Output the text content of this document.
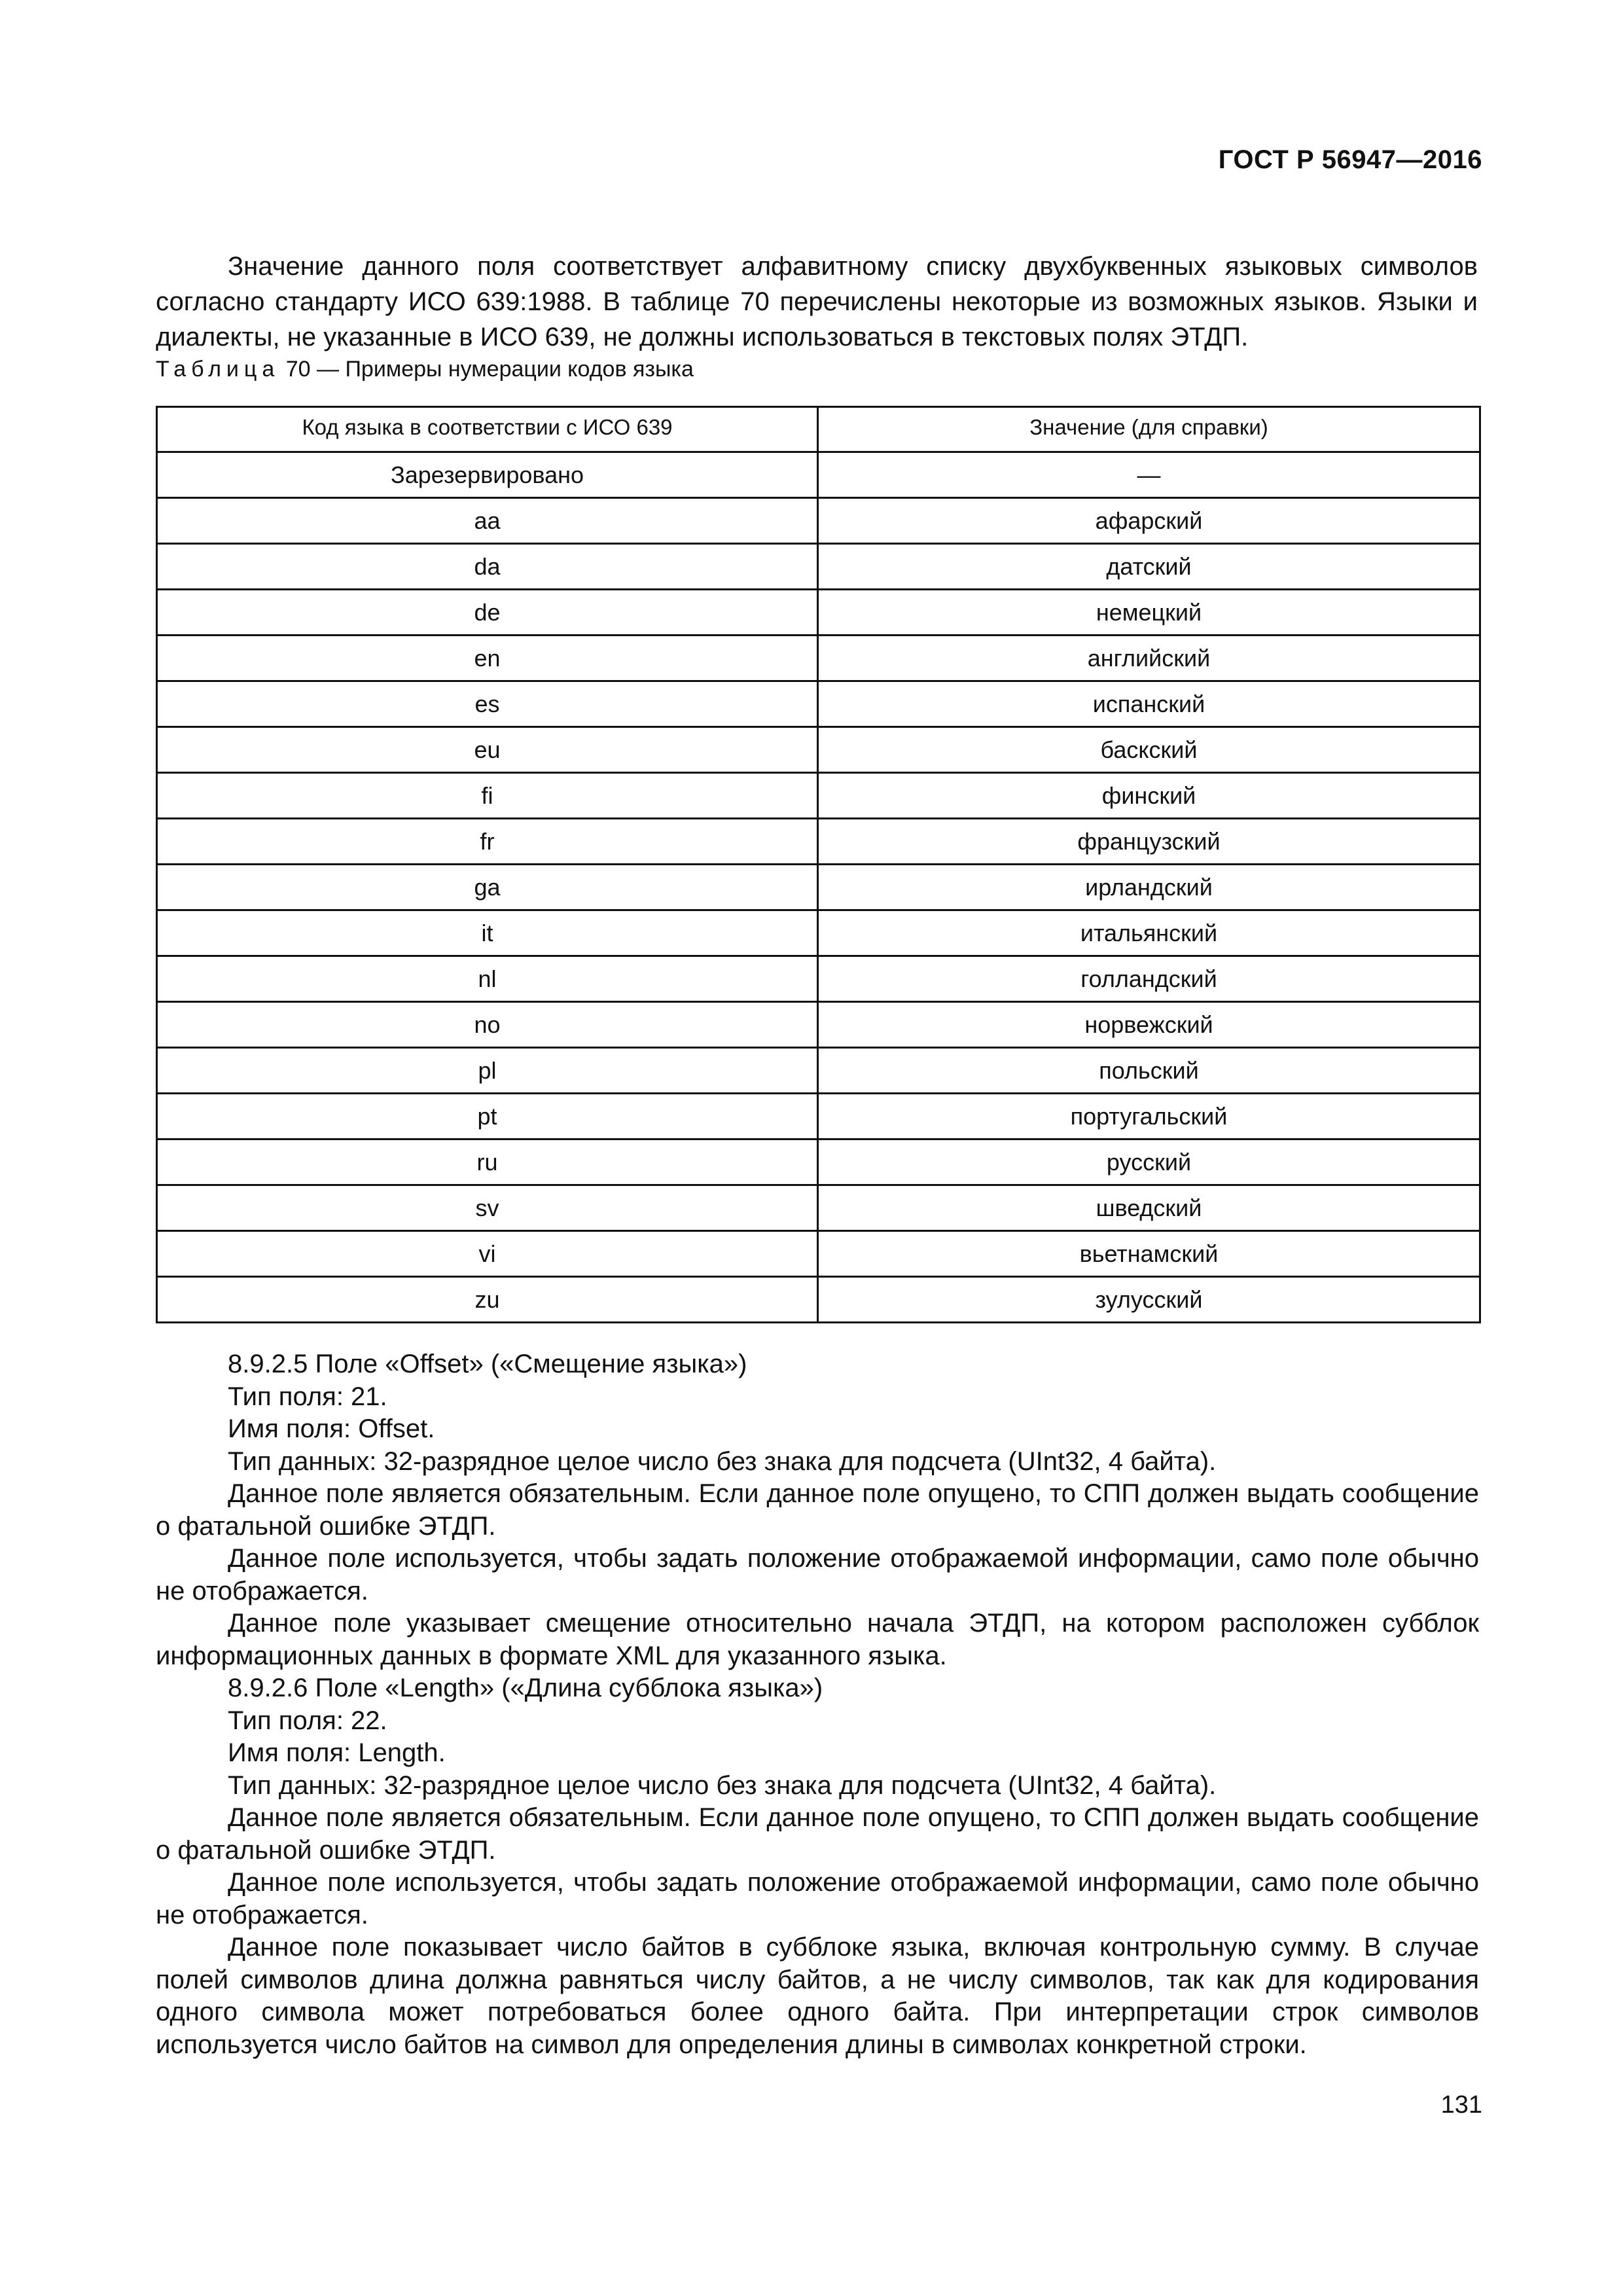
ГОСТ Р 56947—2016

Значение данного поля соответствует алфавитному списку двухбуквенных языковых символов согласно стандарту ИСО 639:1988. В таблице 70 перечислены некоторые из возможных языков. Языки и диалекты, не указанные в ИСО 639, не должны использоваться в текстовых полях ЭТДП.

Таблица 70 — Примеры нумерации кодов языка
Код языка в соответствии с ИСО 639	Значение (для справки)

Зарезервировано	—
aa	афарский
da	датский
de	немецкий
en	английский
es	испанский
eu	баскский
fi	финский
fr	французский
ga	ирландский
it	итальянский
nl	голландский
no	норвежский
pl	польский
pt	португальский
ru	русский
sv	шведский
vi	вьетнамский
zu	зулусский

8.9.2.5 Поле «Offset» («Смещение языка»)

Тип поля: 21.

Имя поля: Offset.

Тип данных: 32-разрядное целое число без знака для подсчета (UInt32, 4 байта).

Данное поле является обязательным. Если данное поле опущено, то СПП должен выдать сообщение о фатальной ошибке ЭТДП.

Данное поле используется, чтобы задать положение отображаемой информации, само поле обычно не отображается.

Данное поле указывает смещение относительно начала ЭТДП, на котором расположен субблок информационных данных в формате XML для указанного языка.

8.9.2.6 Поле «Length» («Длина субблока языка»)

Тип поля: 22.

Имя поля: Length.

Тип данных: 32-разрядное целое число без знака для подсчета (UInt32, 4 байта).

Данное поле является обязательным. Если данное поле опущено, то СПП должен выдать сообщение о фатальной ошибке ЭТДП.

Данное поле используется, чтобы задать положение отображаемой информации, само поле обычно не отображается.

Данное поле показывает число байтов в субблоке языка, включая контрольную сумму. В случае полей символов длина должна равняться числу байтов, а не числу символов, так как для кодирования одного символа может потребоваться более одного байта. При интерпретации строк символов используется число байтов на символ для определения длины в символах конкретной строки.

131
